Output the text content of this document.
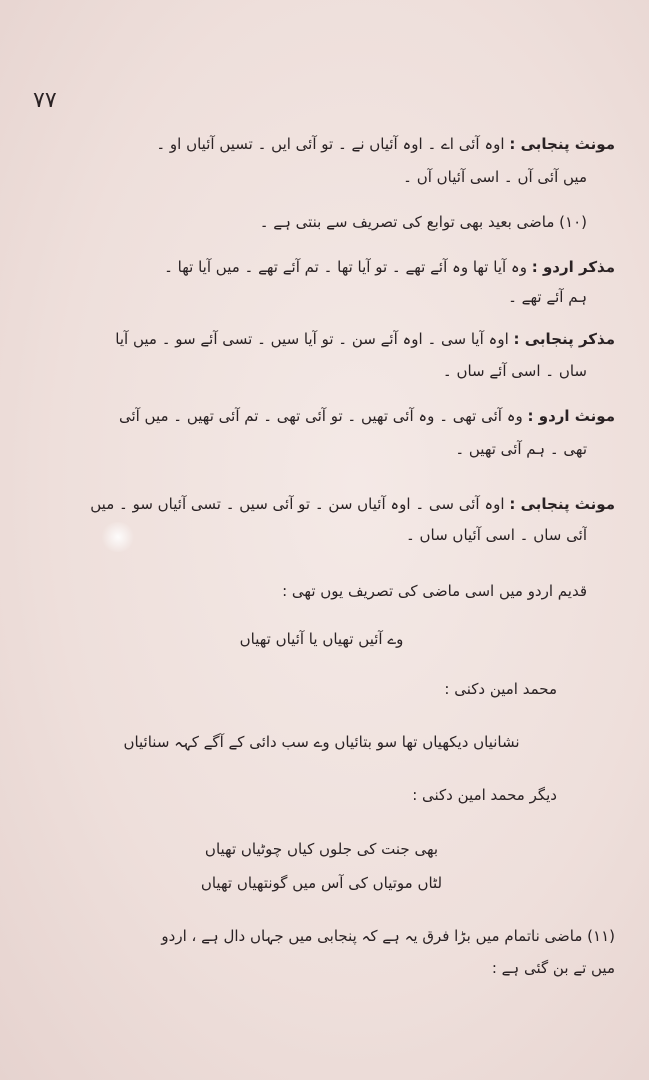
۷۷
مونث پنجابی : اوہ آئی اے ۔ اوہ آئیاں نے ۔ تو آئی ایں ۔ تسیں آئیاں او ۔
میں آئی آں ۔ اسی آئیاں آں ۔
(۱۰) ماضی بعید بھی توابع کی تصریف سے بنتی ہے ۔
مذکر اردو : وہ آیا تھا وہ آئے تھے ۔ تو آیا تھا ۔ تم آئے تھے ۔ میں آیا تھا ۔
ہم آئے تھے ۔
مذکر پنجابی : اوہ آیا سی ۔ اوہ آئے سن ۔ تو آیا سیں ۔ تسی آئے سو ۔ میں آیا
ساں ۔ اسی آئے ساں ۔
مونث اردو : وہ آئی تھی ۔ وہ آئی تھیں ۔ تو آئی تھی ۔ تم آئی تھیں ۔ میں آئی
تھی ۔ ہم آئی تھیں ۔
مونث پنجابی : اوہ آئی سی ۔ اوہ آئیاں سن ۔ تو آئی سیں ۔ تسی آئیاں سو ۔ میں
آئی ساں ۔ اسی آئیاں ساں ۔
قدیم اردو میں اسی ماضی کی تصریف یوں تھی :
وے آئیں تھیاں یا آئیاں تھیاں
محمد امین دکنی :
نشانیاں دیکھیاں تھا سو بتائیاں وے سب دائی کے آگے کہہ سنائیاں
دیگر محمد امین دکنی :
بھی جنت کی جلوں کیاں چوٹیاں تھیاں
لٹاں موتیاں کی آس میں گونتھیاں تھیاں
(۱۱) ماضی ناتمام میں بڑا فرق یہ ہے کہ پنجابی میں جہاں دال ہے ، اردو
میں تے بن گئی ہے :
